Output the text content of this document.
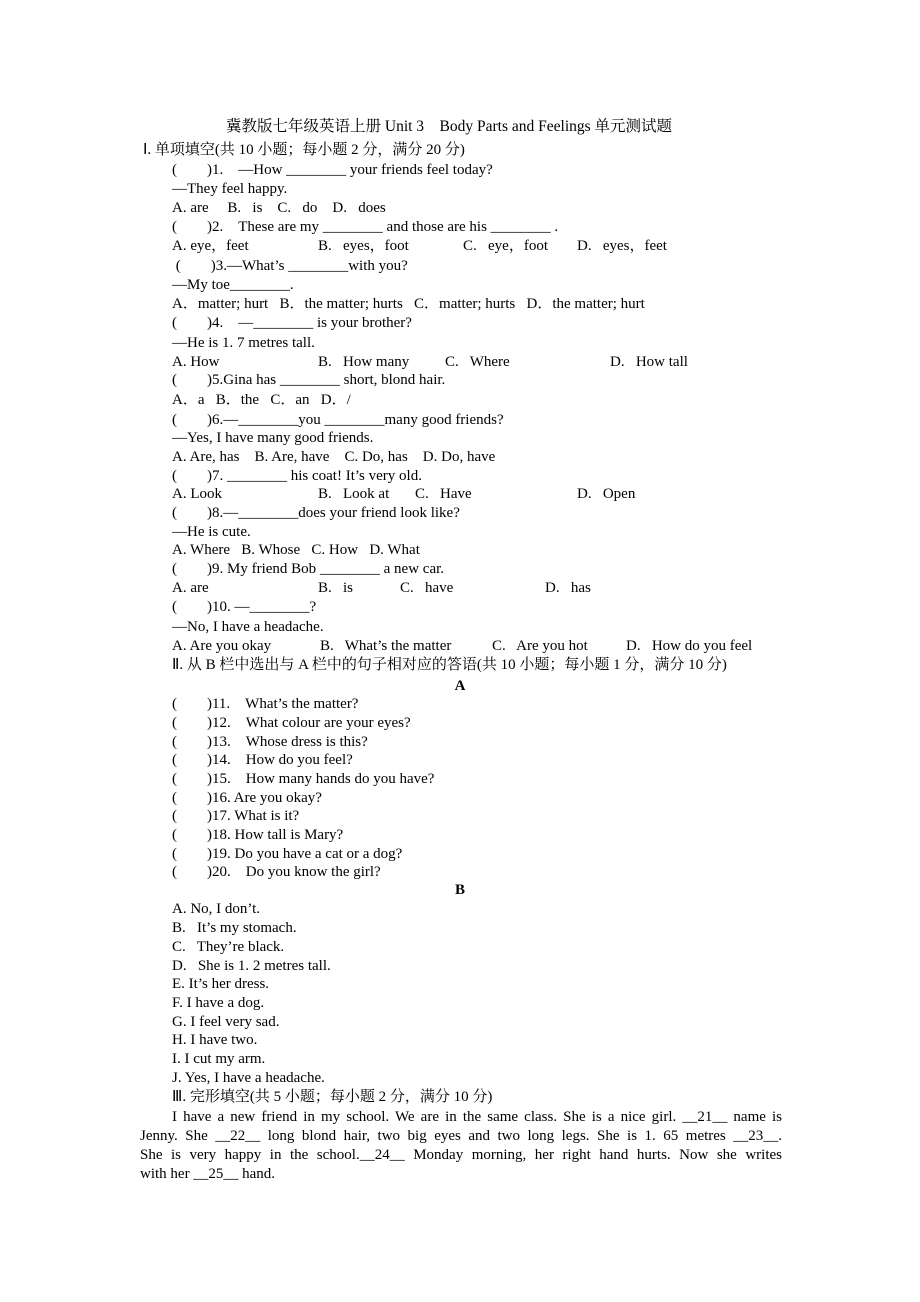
冀教版七年级英语上册 Unit 3　Body Parts and Feelings 单元测试题
Ⅰ. 单项填空(共 10 小题；每小题 2 分，满分 20 分)
(　　)1.　—How ________ your friends feel today?
—They feel happy.
A. are     B.   is    C.   do    D.   does
(　　)2.　These are my ________ and those are his ________ .
A. eye，feet	B.   eyes，foot	C.   eye，foot D.   eyes，feet
(　　)3.—What’s ________with you?
—My toe________.
A．matter; hurt   B．the matter; hurts   C．matter; hurts   D．the matter; hurt
(　　)4.　—________ is your brother?
—He is 1. 7 metres tall.
A. How	B.   How many C.   Where	D.   How tall
(　　)5.Gina has ________ short, blond hair.
A．a   B．the   C．an   D．/
(　　)6.—________you ________many good friends?
—Yes, I have many good friends.
A. Are, has    B. Are, have    C. Do, has    D. Do, have
(　　)7. ________ his coat! It’s very old.
A. Look	B.   Look at C.   Have	D.   Open
(　　)8.—________does your friend look like?
—He is cute.
A. Where   B. Whose   C. How   D. What
(　　)9. My friend Bob ________ a new car.
A. are	B.   is	C.   have	D.   has
(　　)10. —________?
—No, I have a headache.
A. Are you okay	B.   What’s the matter	C.   Are you hot	D.   How do you feel
Ⅱ. 从 B 栏中选出与 A 栏中的句子相对应的答语(共 10 小题；每小题 1 分，满分 10 分)
A
(　　)11.　What’s the matter?
(　　)12.　What colour are your eyes?
(　　)13.　Whose dress is this?
(　　)14.　How do you feel?
(　　)15.　How many hands do you have?
(　　)16. Are you okay?
(　　)17. What is it?
(　　)18. How tall is Mary?
(　　)19. Do you have a cat or a dog?
(　　)20.　Do you know the girl?
B
A. No, I don’t.
B.   It’s my stomach.
C.   They’re black.
D.   She is 1. 2 metres tall.
E. It’s her dress.
F. I have a dog.
G. I feel very sad.
H. I have two.
I. I cut my arm.
J. Yes, I have a headache.
Ⅲ. 完形填空(共 5 小题；每小题 2 分，满分 10 分)
I have a new friend in my school. We are in the same class. She is a nice girl. __21__ name is
Jenny. She __22__ long blond hair, two big eyes and two long legs. She is 1. 65 metres __23__.
She is very happy in the school.__24__ Monday morning, her right hand hurts. Now she writes
with her __25__ hand.
